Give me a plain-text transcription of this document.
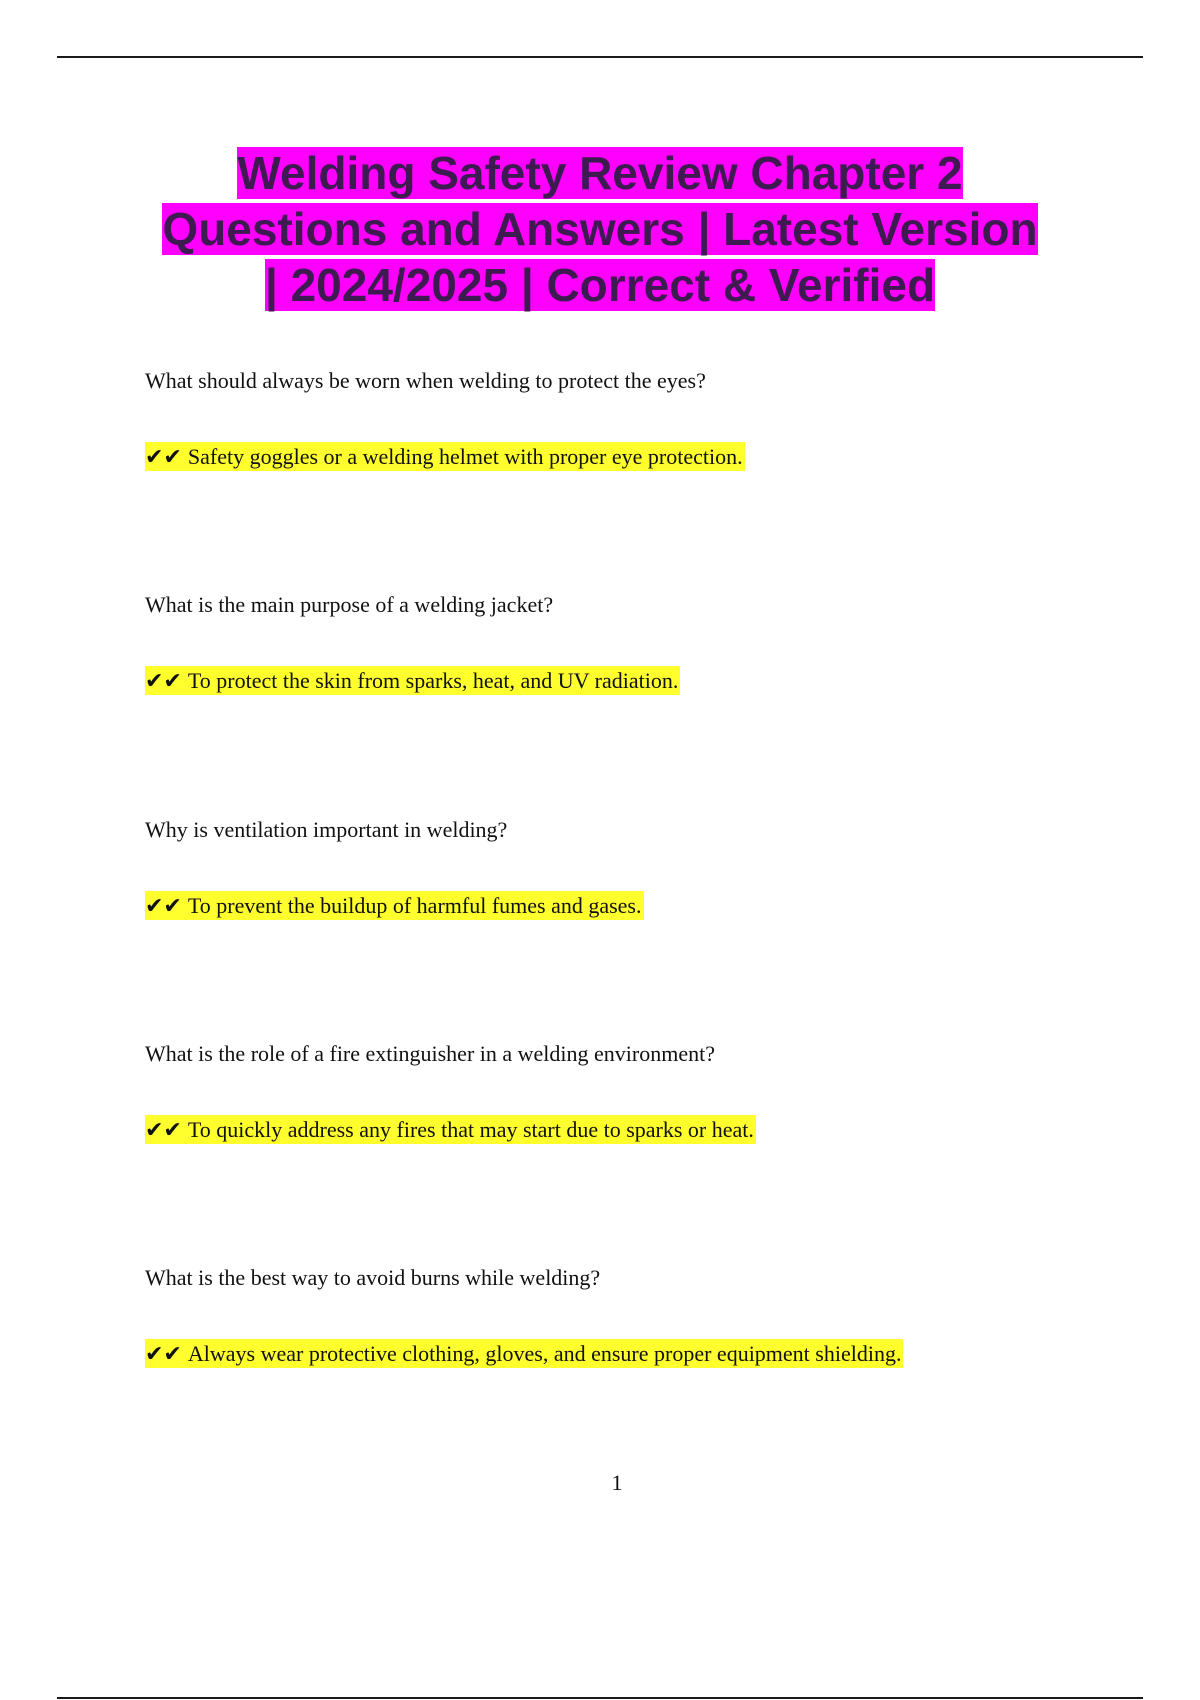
Welding Safety Review Chapter 2
Questions and Answers | Latest Version
| 2024/2025 | Correct & Verified

What should always be worn when welding to protect the eyes?

✔✔ Safety goggles or a welding helmet with proper eye protection.

What is the main purpose of a welding jacket?

✔✔ To protect the skin from sparks, heat, and UV radiation.

Why is ventilation important in welding?

✔✔ To prevent the buildup of harmful fumes and gases.

What is the role of a fire extinguisher in a welding environment?

✔✔ To quickly address any fires that may start due to sparks or heat.

What is the best way to avoid burns while welding?

✔✔ Always wear protective clothing, gloves, and ensure proper equipment shielding.

1
